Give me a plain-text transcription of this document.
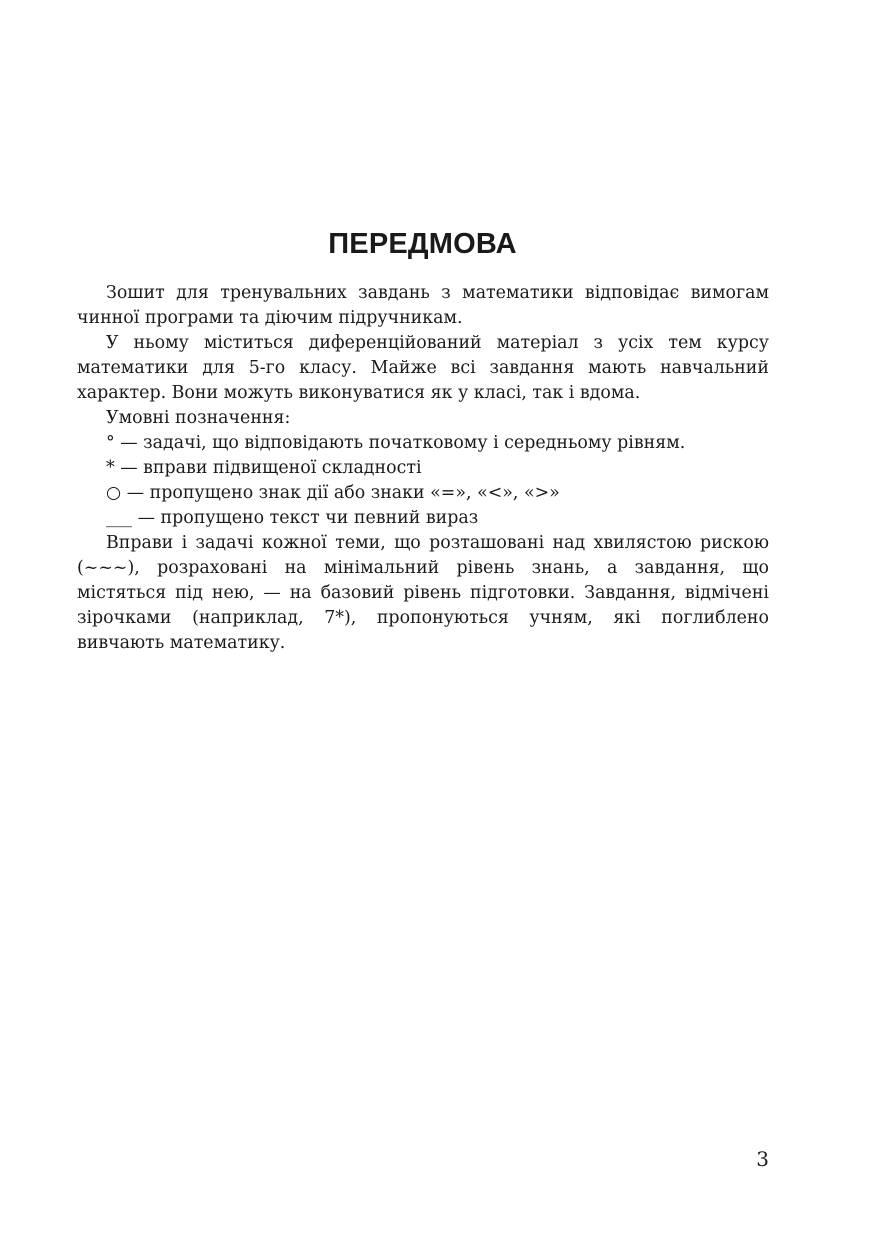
ПЕРЕДМОВА

Зошит для тренувальних завдань з математики відповідає вимогам чинної програми та діючим підручникам.

У ньому міститься диференційований матеріал з усіх тем курсу математики для 5-го класу. Майже всі завдання мають навчальний характер. Вони можуть виконуватися як у класі, так і вдома.

Умовні позначення:
° — задачі, що відповідають початковому і середньому рівням.
* — вправи підвищеної складності
○ — пропущено знак дії або знаки «=», «<», «>»
___ — пропущено текст чи певний вираз

Вправи і задачі кожної теми, що розташовані над хвилястою рискою (~~~), розраховані на мінімальний рівень знань, а завдання, що містяться під нею, — на базовий рівень підготовки. Завдання, відмічені зірочками (наприклад, 7*), пропонуються учням, які поглиблено вивчають математику.

3
